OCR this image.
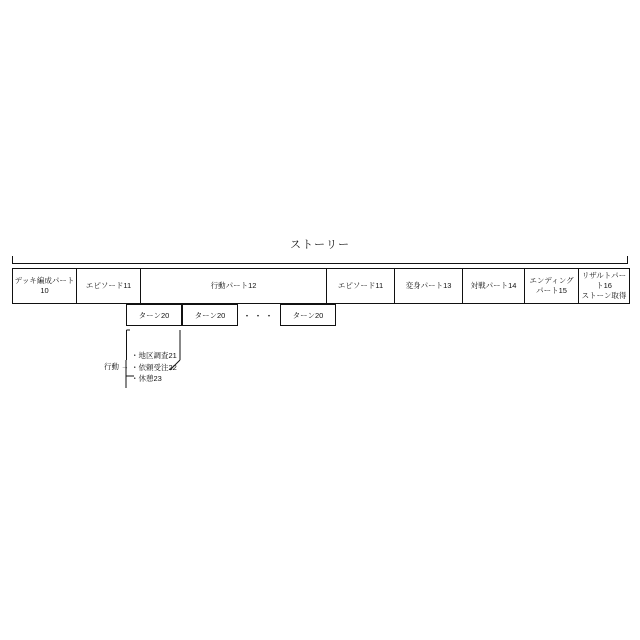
ストーリー
デッキ編成パート
10
エピソード11	行動パート12	エピソード11	変身パート13	対戦パート14
エンディング
パート15
リザルトパート16
ストーン取得
ターン20	ターン20	・・・	ターン20
行動 →
・地区調査21
・依頼受注22
・休憩23
